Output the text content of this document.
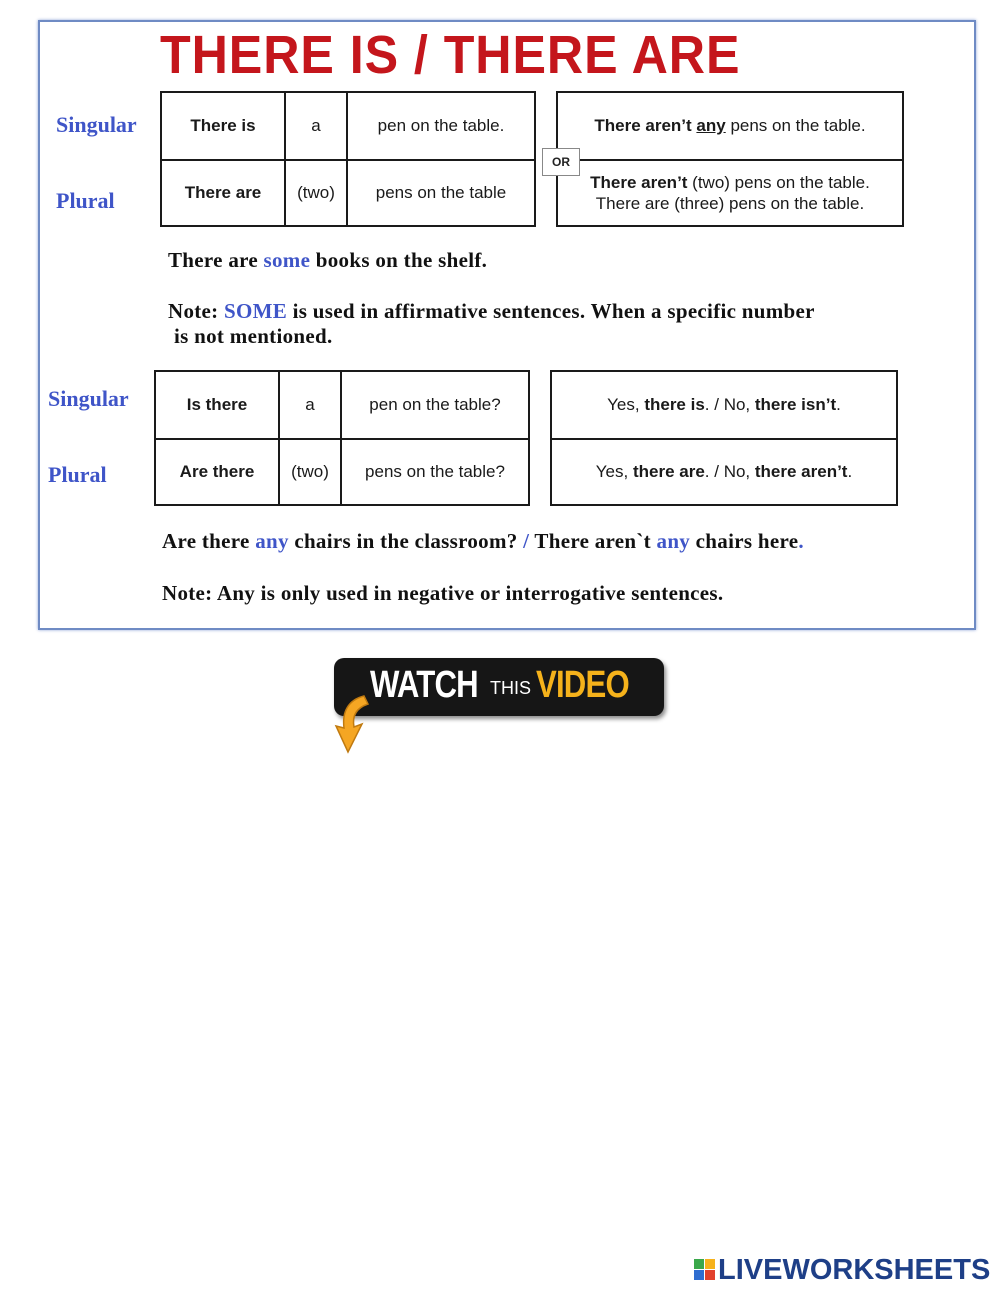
THERE IS / THERE ARE
Singular
Plural
There is	a	pen on the table.
There are	(two)	pens on the table
There aren’t any pens on the table.
There aren’t (two) pens on the table.
There are (three) pens on the table.
OR
There are some books on the shelf.
Note: SOME is used in affirmative sentences. When a specific number
is not mentioned.
Singular
Plural
Is there	a	pen on the table?
Are there	(two)	pens on the table?
Yes, there is. / No, there isn’t.
Yes, there are. / No, there aren’t.
Are there any chairs in the classroom? / There aren`t any chairs here.
Note: Any is only used in negative or interrogative sentences.
WATCH THIS VIDEO
LIVEWORKSHEETS
